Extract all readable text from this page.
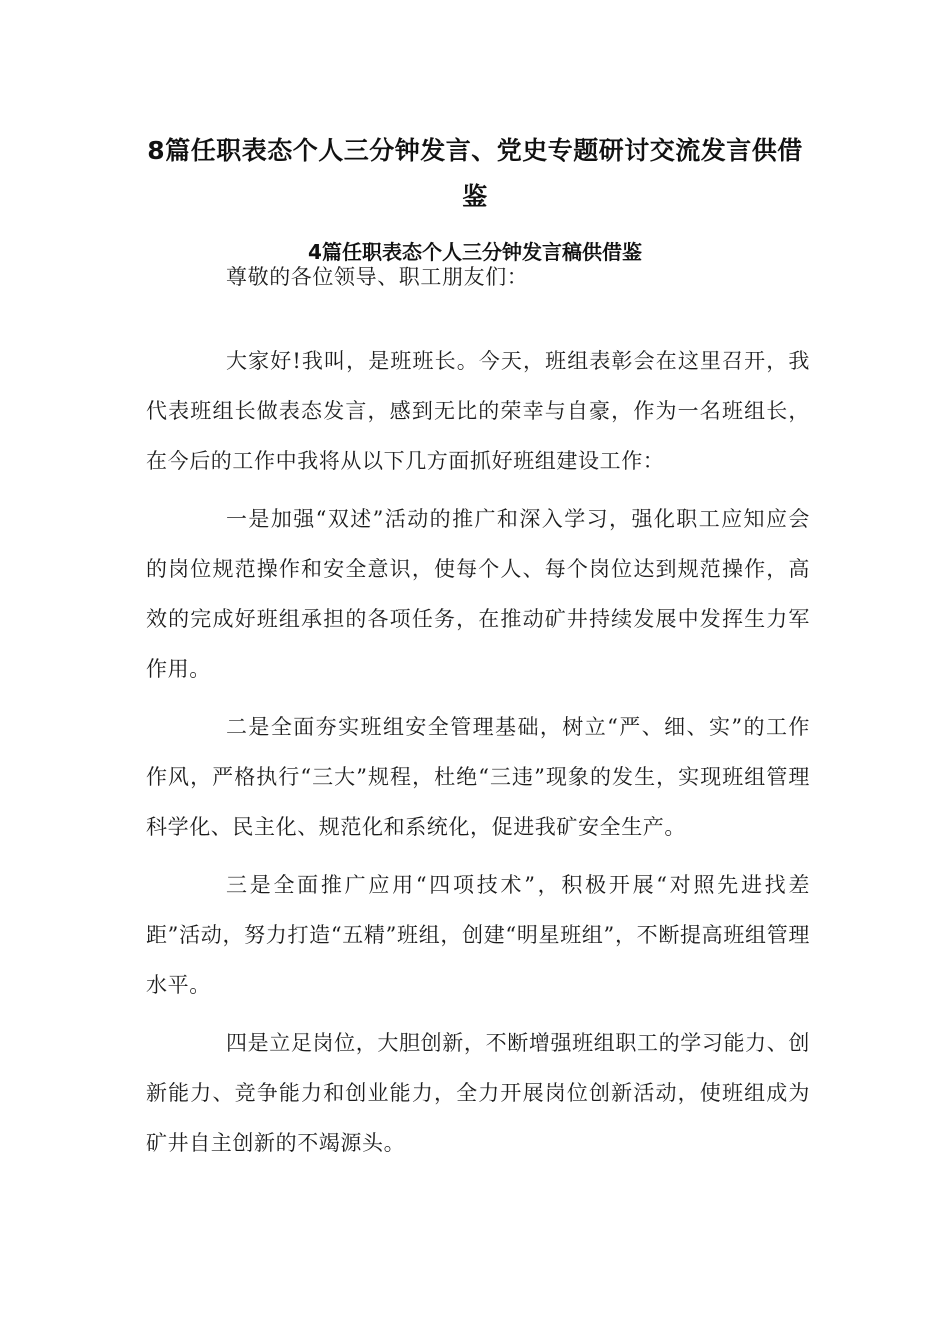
8篇任职表态个人三分钟发言、党史专题研讨交流发言供借鉴
4篇任职表态个人三分钟发言稿供借鉴

尊敬的各位领导、职工朋友们：

大家好!我叫，是班班长。今天，班组表彰会在这里召开，我代表班组长做表态发言，感到无比的荣幸与自豪，作为一名班组长，在今后的工作中我将从以下几方面抓好班组建设工作：

一是加强“双述”活动的推广和深入学习，强化职工应知应会的岗位规范操作和安全意识，使每个人、每个岗位达到规范操作，高效的完成好班组承担的各项任务，在推动矿井持续发展中发挥生力军作用。

二是全面夯实班组安全管理基础，树立“严、细、实”的工作作风，严格执行“三大”规程，杜绝“三违”现象的发生，实现班组管理科学化、民主化、规范化和系统化，促进我矿安全生产。

三是全面推广应用“四项技术”，积极开展“对照先进找差距”活动，努力打造“五精”班组，创建“明星班组”，不断提高班组管理水平。

四是立足岗位，大胆创新，不断增强班组职工的学习能力、创新能力、竞争能力和创业能力，全力开展岗位创新活动，使班组成为矿井自主创新的不竭源头。
